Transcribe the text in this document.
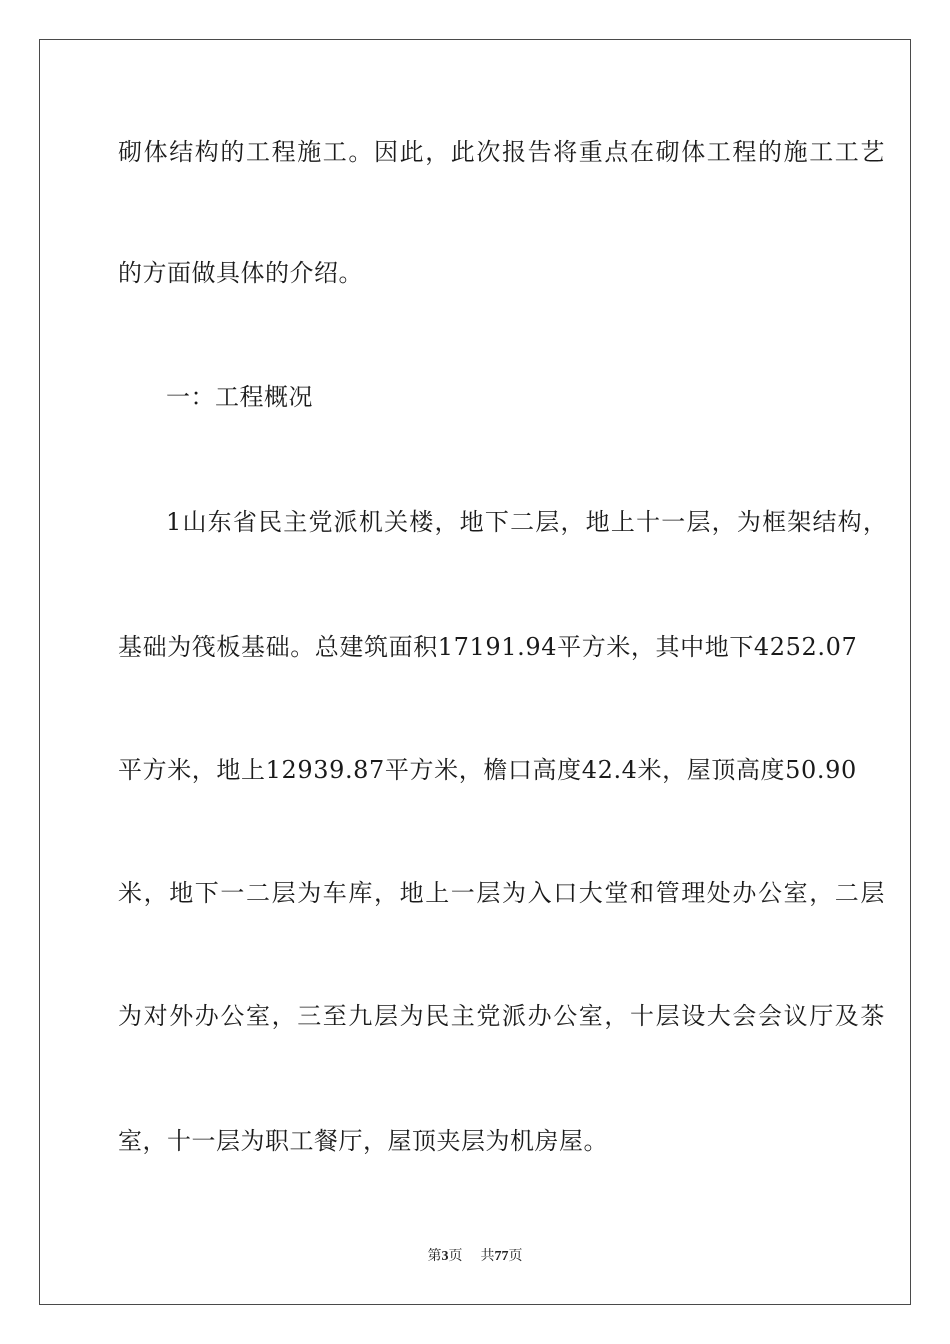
砌体结构的工程施工。因此，此次报告将重点在砌体工程的施工工艺
的方面做具体的介绍。
一：工程概况
1山东省民主党派机关楼，地下二层，地上十一层，为框架结构，
基础为筏板基础。总建筑面积17191.94平方米，其中地下4252.07
平方米，地上12939.87平方米，檐口高度42.4米，屋顶高度50.90
米，地下一二层为车库，地上一层为入口大堂和管理处办公室，二层
为对外办公室，三至九层为民主党派办公室，十层设大会会议厅及茶
室，十一层为职工餐厅，屋顶夹层为机房屋。
第3页 共77页
